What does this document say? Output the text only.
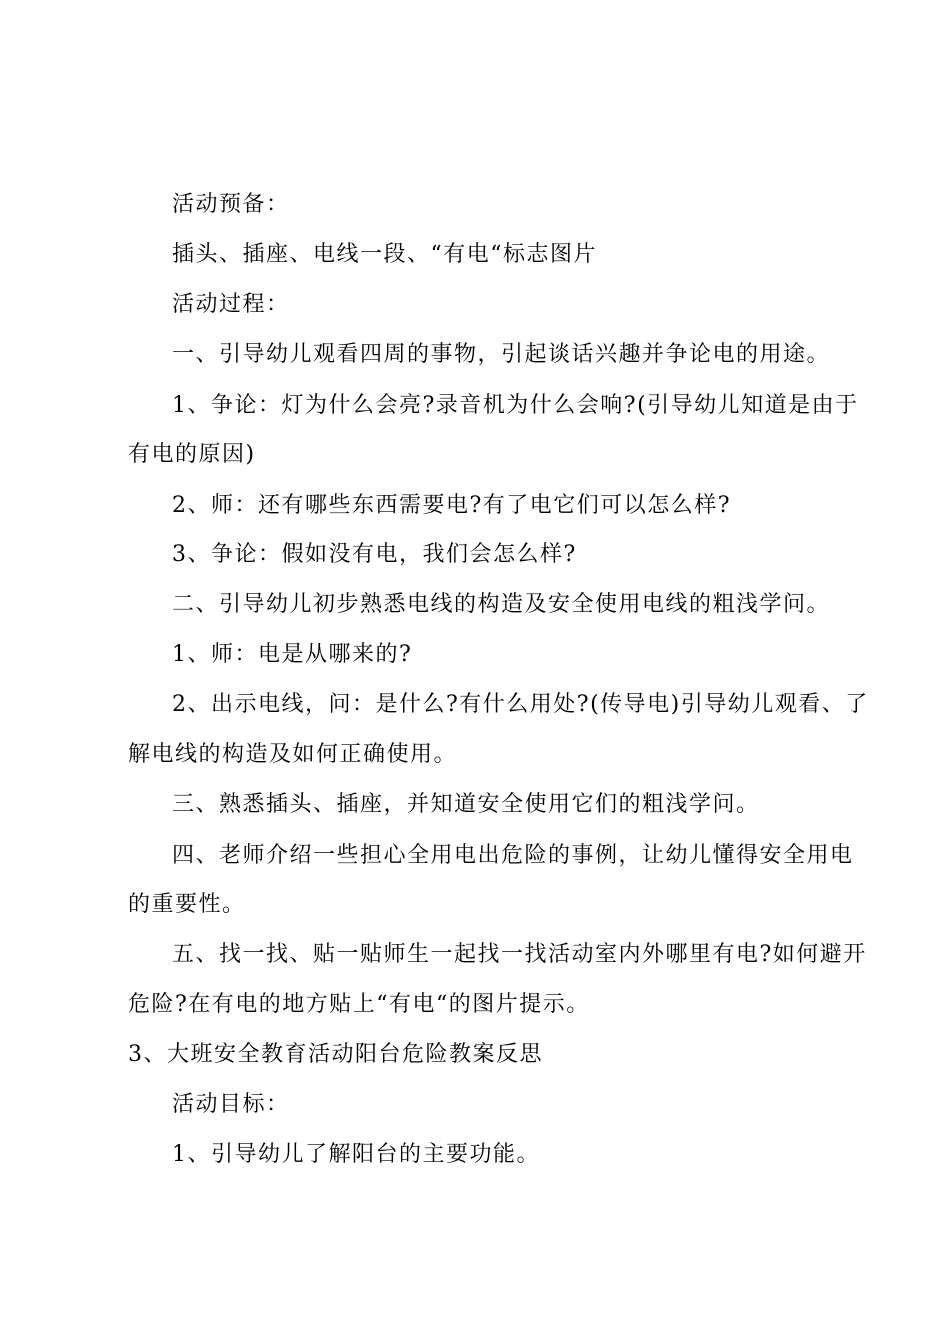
活动预备：
插头、插座、电线一段、“有电“标志图片
活动过程：
一、引导幼儿观看四周的事物，引起谈话兴趣并争论电的用途。
1、争论：灯为什么会亮?录音机为什么会响?(引导幼儿知道是由于
有电的原因)
2、师：还有哪些东西需要电?有了电它们可以怎么样?
3、争论：假如没有电，我们会怎么样?
二、引导幼儿初步熟悉电线的构造及安全使用电线的粗浅学问。
1、师：电是从哪来的?
2、出示电线，问：是什么?有什么用处?(传导电)引导幼儿观看、了
解电线的构造及如何正确使用。
三、熟悉插头、插座，并知道安全使用它们的粗浅学问。
四、老师介绍一些担心全用电出危险的事例，让幼儿懂得安全用电
的重要性。
五、找一找、贴一贴师生一起找一找活动室内外哪里有电?如何避开
危险?在有电的地方贴上“有电“的图片提示。
3、大班安全教育活动阳台危险教案反思
活动目标：
1、引导幼儿了解阳台的主要功能。
